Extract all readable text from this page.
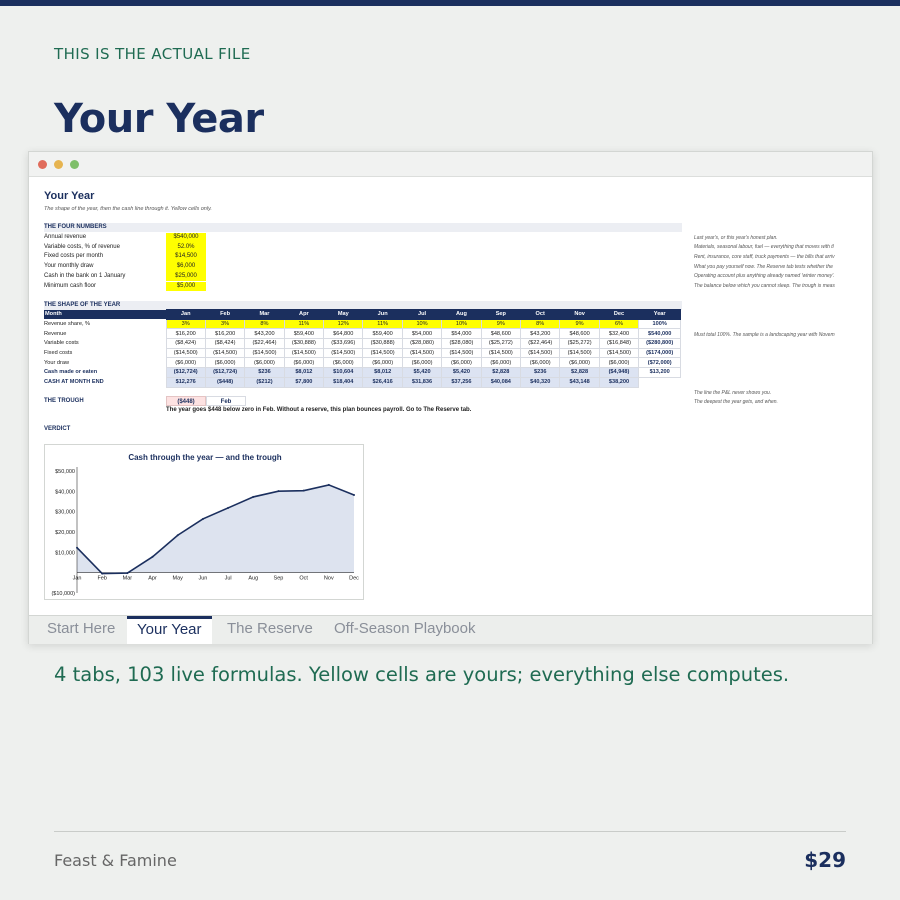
THIS IS THE ACTUAL FILE
Your Year
Your Year
The shape of the year, then the cash line through it. Yellow cells only.
THE FOUR NUMBERS
Annual revenue	$540,000	Last year's, or this year's honest plan.
Variable costs, % of revenue	52.0%	Materials, seasonal labour, fuel — everything that moves with tl
Fixed costs per month	$14,500	Rent, insurance, core staff, truck payments — the bills that arriv
Your monthly draw	$6,000	What you pay yourself now. The Reserve tab tests whether the
Cash in the bank on 1 January	$25,000	Operating account plus anything already named 'winter money'.
Minimum cash floor	$5,000	The balance below which you cannot sleep. The trough is meas
THE SHAPE OF THE YEAR
Month	Jan	Feb	Mar	Apr	May	Jun	Jul	Aug	Sep	Oct	Nov	Dec	Year
Revenue share, %	3%	3%	8%	11%	12%	11%	10%	10%	9%	8%	9%	6%	100%
Revenue	$16,200	$16,200	$43,200	$59,400	$64,800	$59,400	$54,000	$54,000	$48,600	$43,200	$48,600	$32,400	$540,000
Variable costs	($8,424)	($8,424)	($22,464)	($30,888)	($33,696)	($30,888)	($28,080)	($28,080)	($25,272)	($22,464)	($25,272)	($16,848)	($280,800)
Fixed costs	($14,500)	($14,500)	($14,500)	($14,500)	($14,500)	($14,500)	($14,500)	($14,500)	($14,500)	($14,500)	($14,500)	($14,500)	($174,000)
Your draw	($6,000)	($6,000)	($6,000)	($6,000)	($6,000)	($6,000)	($6,000)	($6,000)	($6,000)	($6,000)	($6,000)	($6,000)	($72,000)
Cash made or eaten	($12,724)	($12,724)	$236	$8,012	$10,604	$8,012	$5,420	$5,420	$2,828	$236	$2,828	($4,948)	$13,200
CASH AT MONTH END	$12,276	($448)	($212)	$7,800	$18,404	$26,416	$31,836	$37,256	$40,084	$40,320	$43,148	$38,200	
Must total 100%. The sample is a landscaping year with Novem
THE TROUGH	($448)	Feb
The year goes $448 below zero in Feb. Without a reserve, this plan bounces payroll. Go to The Reserve tab.
The line the P&L never shows you.
The deepest the year gets, and when.
VERDICT
Cash through the year — and the trough
($10,000)
$10,000
$20,000
$30,000
$40,000
$50,000
Jan	Feb	Mar	Apr	May	Jun	Jul	Aug	Sep	Oct	Nov	Dec
Start Here	Your Year	The Reserve Off-Season Playbook
4 tabs, 103 live formulas. Yellow cells are yours; everything else computes.
Feast & Famine	$29
